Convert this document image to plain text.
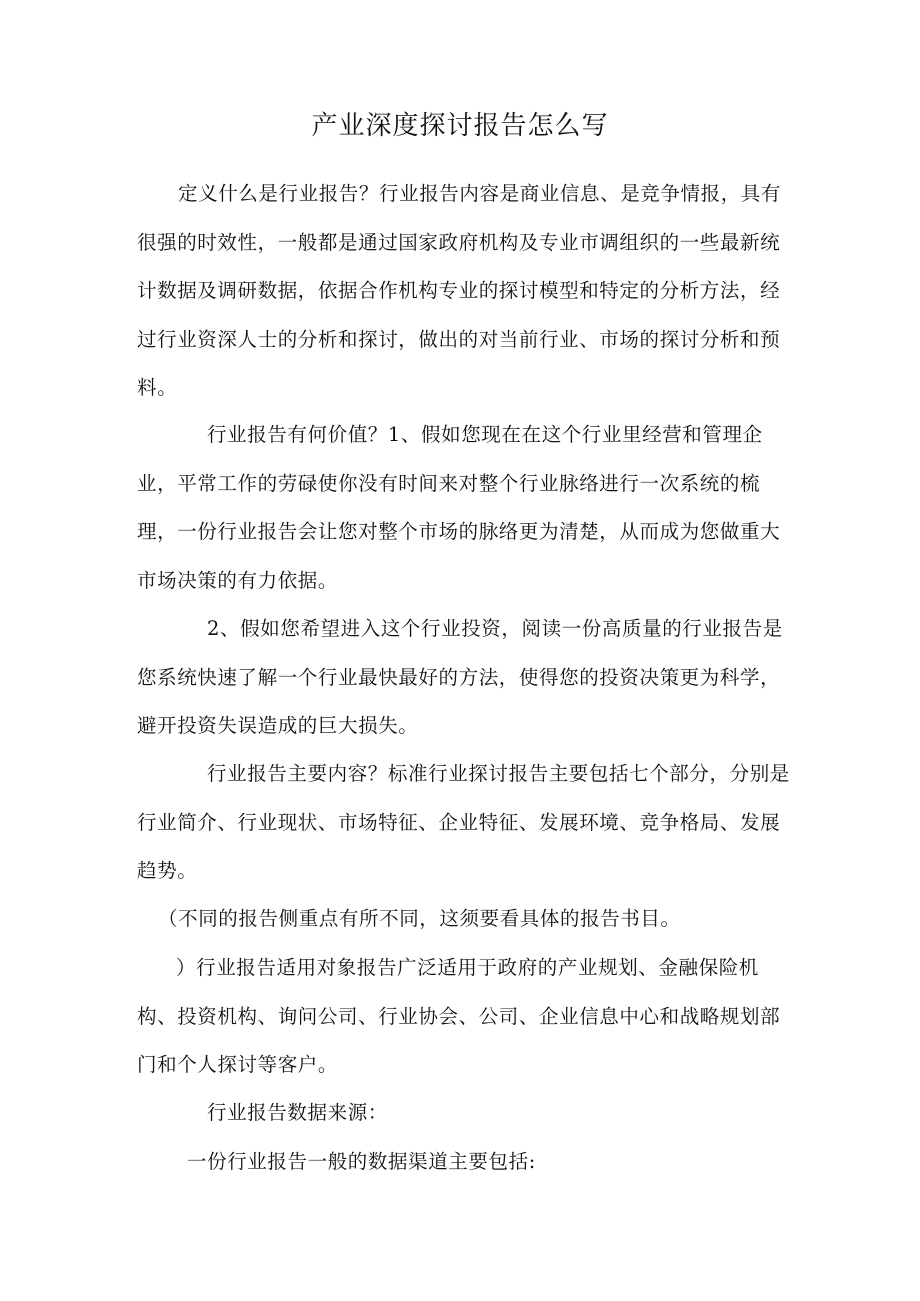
产业深度探讨报告怎么写

定义什么是行业报告？行业报告内容是商业信息、是竞争情报，具有很强的时效性，一般都是通过国家政府机构及专业市调组织的一些最新统计数据及调研数据，依据合作机构专业的探讨模型和特定的分析方法，经过行业资深人士的分析和探讨，做出的对当前行业、市场的探讨分析和预料。

行业报告有何价值？1、假如您现在在这个行业里经营和管理企业，平常工作的劳碌使你没有时间来对整个行业脉络进行一次系统的梳理，一份行业报告会让您对整个市场的脉络更为清楚，从而成为您做重大市场决策的有力依据。

2、假如您希望进入这个行业投资，阅读一份高质量的行业报告是您系统快速了解一个行业最快最好的方法，使得您的投资决策更为科学，避开投资失误造成的巨大损失。

行业报告主要内容？标准行业探讨报告主要包括七个部分，分别是行业简介、行业现状、市场特征、企业特征、发展环境、竞争格局、发展趋势。

（不同的报告侧重点有所不同，这须要看具体的报告书目。

）行业报告适用对象报告广泛适用于政府的产业规划、金融保险机构、投资机构、询问公司、行业协会、公司、企业信息中心和战略规划部门和个人探讨等客户。

行业报告数据来源：

一份行业报告一般的数据渠道主要包括:
